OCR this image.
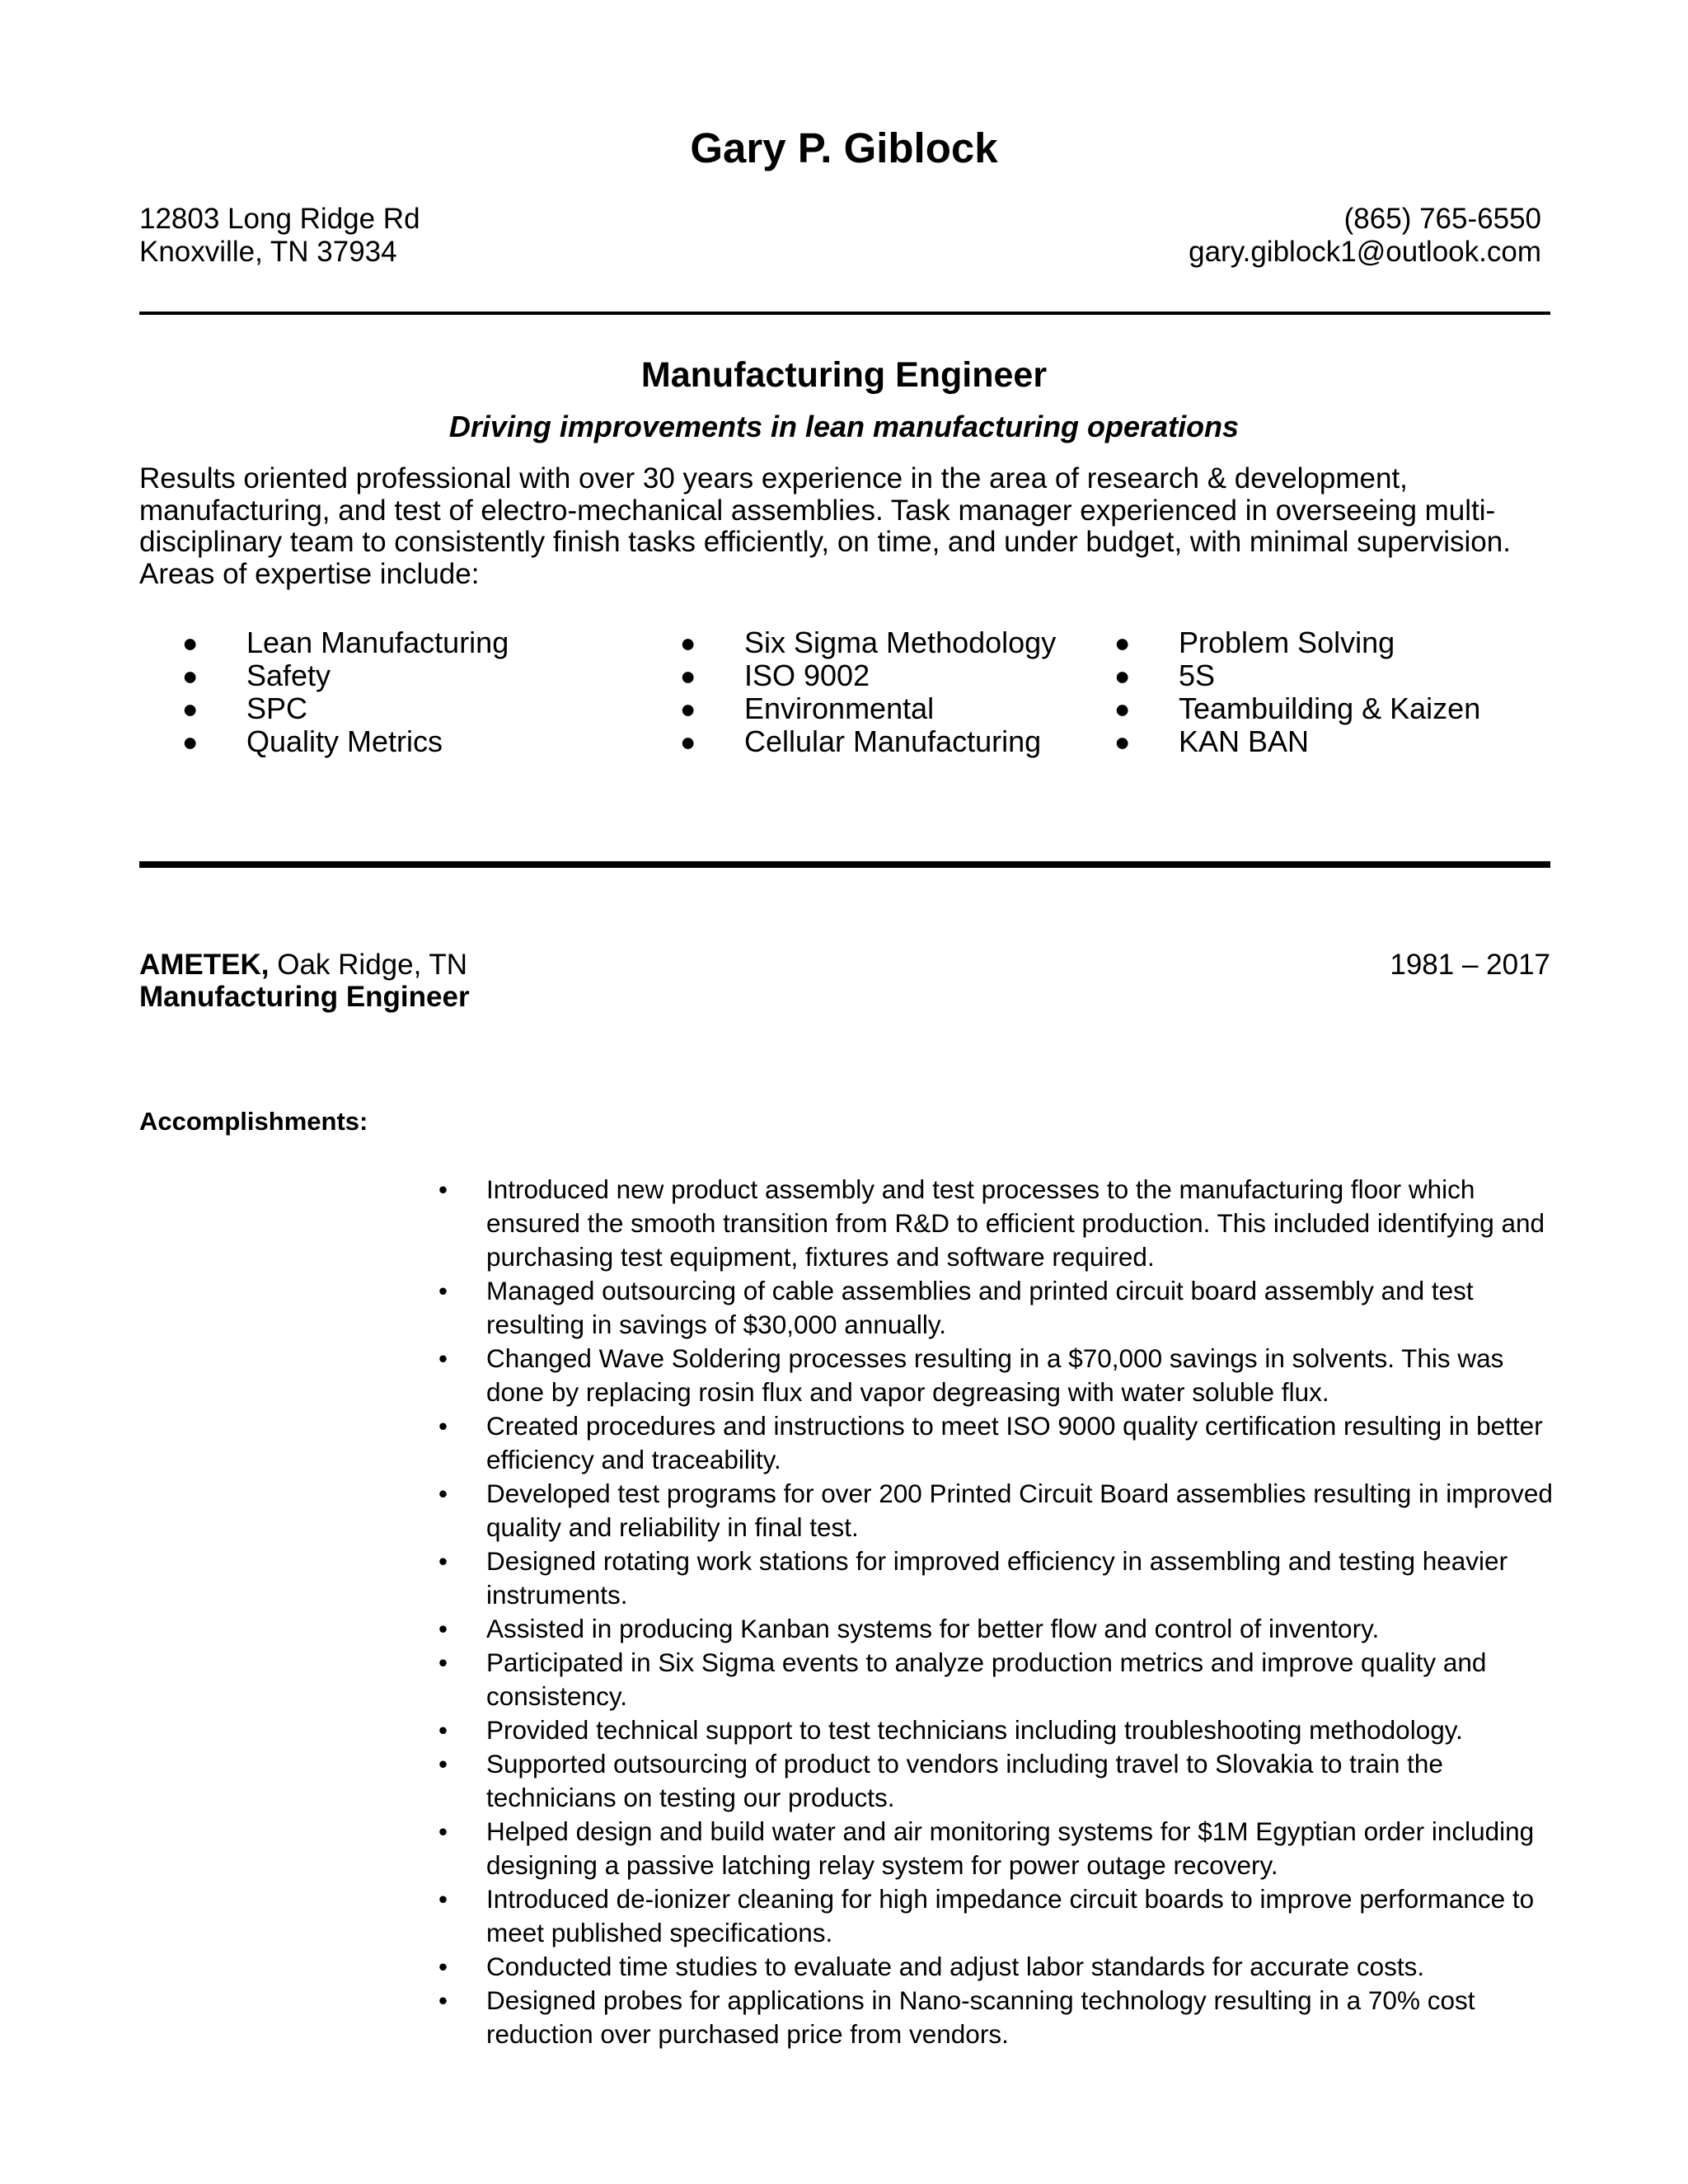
Gary P. Giblock
12803 Long Ridge Rd
Knoxville, TN 37934
(865) 765-6550
gary.giblock1@outlook.com
Manufacturing Engineer
Driving improvements in lean manufacturing operations
Results oriented professional with over 30 years experience in the area of research & development, manufacturing, and test of electro-mechanical assemblies. Task manager experienced in overseeing multi-disciplinary team to consistently finish tasks efficiently, on time, and under budget, with minimal supervision. Areas of expertise include:
● Lean Manufacturing
● Safety
● SPC
● Quality Metrics
● Six Sigma Methodology
● ISO 9002
● Environmental
● Cellular Manufacturing
● Problem Solving
● 5S
● Teambuilding & Kaizen
● KAN BAN
AMETEK, Oak Ridge, TN	1981 – 2017
Manufacturing Engineer
Accomplishments:
• Introduced new product assembly and test processes to the manufacturing floor which ensured the smooth transition from R&D to efficient production. This included identifying and purchasing test equipment, fixtures and software required.
• Managed outsourcing of cable assemblies and printed circuit board assembly and test resulting in savings of $30,000 annually.
• Changed Wave Soldering processes resulting in a $70,000 savings in solvents. This was done by replacing rosin flux and vapor degreasing with water soluble flux.
• Created procedures and instructions to meet ISO 9000 quality certification resulting in better efficiency and traceability.
• Developed test programs for over 200 Printed Circuit Board assemblies resulting in improved quality and reliability in final test.
• Designed rotating work stations for improved efficiency in assembling and testing heavier instruments.
• Assisted in producing Kanban systems for better flow and control of inventory.
• Participated in Six Sigma events to analyze production metrics and improve quality and consistency.
• Provided technical support to test technicians including troubleshooting methodology.
• Supported outsourcing of product to vendors including travel to Slovakia to train the technicians on testing our products.
• Helped design and build water and air monitoring systems for $1M Egyptian order including designing a passive latching relay system for power outage recovery.
• Introduced de-ionizer cleaning for high impedance circuit boards to improve performance to meet published specifications.
• Conducted time studies to evaluate and adjust labor standards for accurate costs.
• Designed probes for applications in Nano-scanning technology resulting in a 70% cost reduction over purchased price from vendors.
